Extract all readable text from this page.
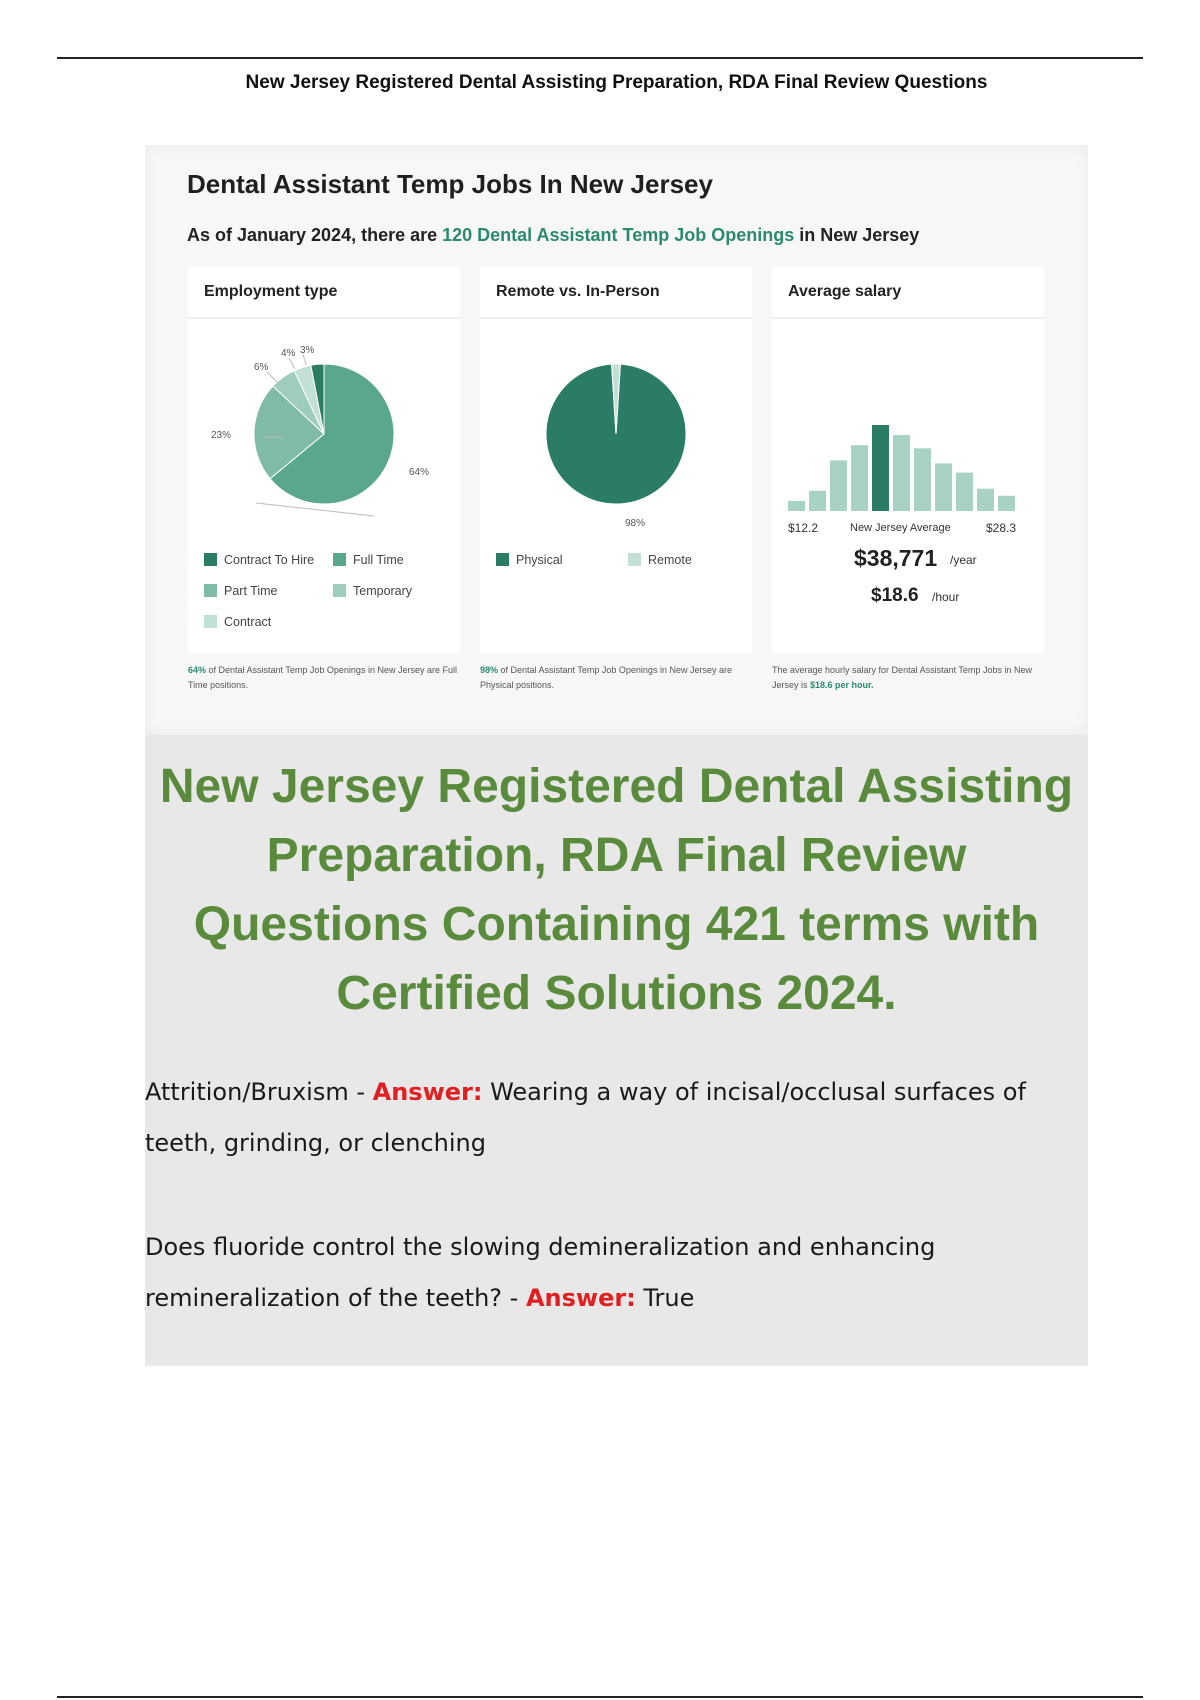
New Jersey Registered Dental Assisting Preparation, RDA Final Review Questions
Dental Assistant Temp Jobs In New Jersey
As of January 2024, there are 120 Dental Assistant Temp Job Openings in New Jersey
Employment type
4% 3%
6%
23%
64%
Contract To Hire	Full Time
Part Time	Temporary
Contract
64% of Dental Assistant Temp Job Openings in New Jersey are Full Time positions.
Remote vs. In-Person
98%
Physical	Remote
98% of Dental Assistant Temp Job Openings in New Jersey are Physical positions.
Average salary
$12.2	New Jersey Average	$28.3
$38,771 /year
$18.6 /hour
The average hourly salary for Dental Assistant Temp Jobs in New Jersey is $18.6 per hour.
New Jersey Registered Dental Assisting Preparation, RDA Final Review Questions Containing 421 terms with Certified Solutions 2024.
Attrition/Bruxism - Answer: Wearing a way of incisal/occlusal surfaces of teeth, grinding, or clenching
Does fluoride control the slowing demineralization and enhancing remineralization of the teeth? - Answer: True
